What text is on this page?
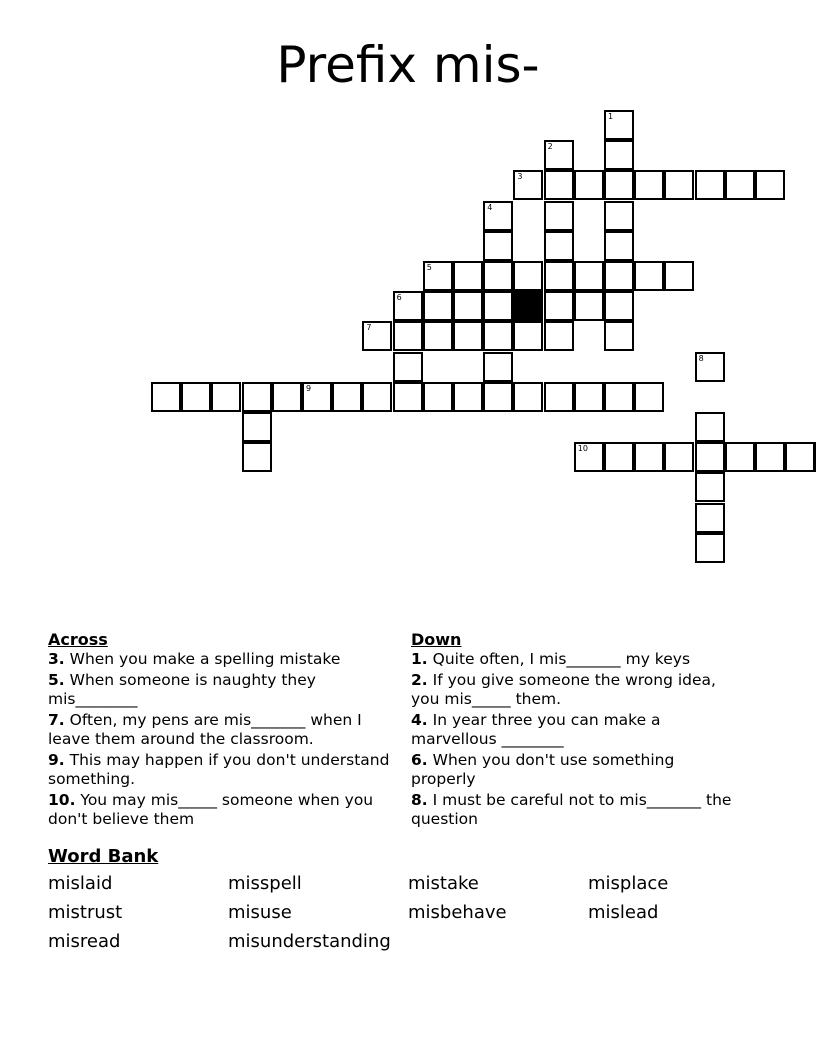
Prefix mis-
1
2
3
4
5
6
7
8
9
10
Across
3. When you make a spelling mistake
5. When someone is naughty they mis________
7. Often, my pens are mis_______ when I leave them around the classroom.
9. This may happen if you don't understand something.
10. You may mis_____ someone when you don't believe them
Down
1. Quite often, I mis_______ my keys
2. If you give someone the wrong idea, you mis_____ them.
4. In year three you can make a marvellous ________
6. When you don't use something properly
8. I must be careful not to mis_______ the question
Word Bank
mislaid	misspell	mistake	misplace
mistrust	misuse	misbehave	mislead
misread	misunderstanding
